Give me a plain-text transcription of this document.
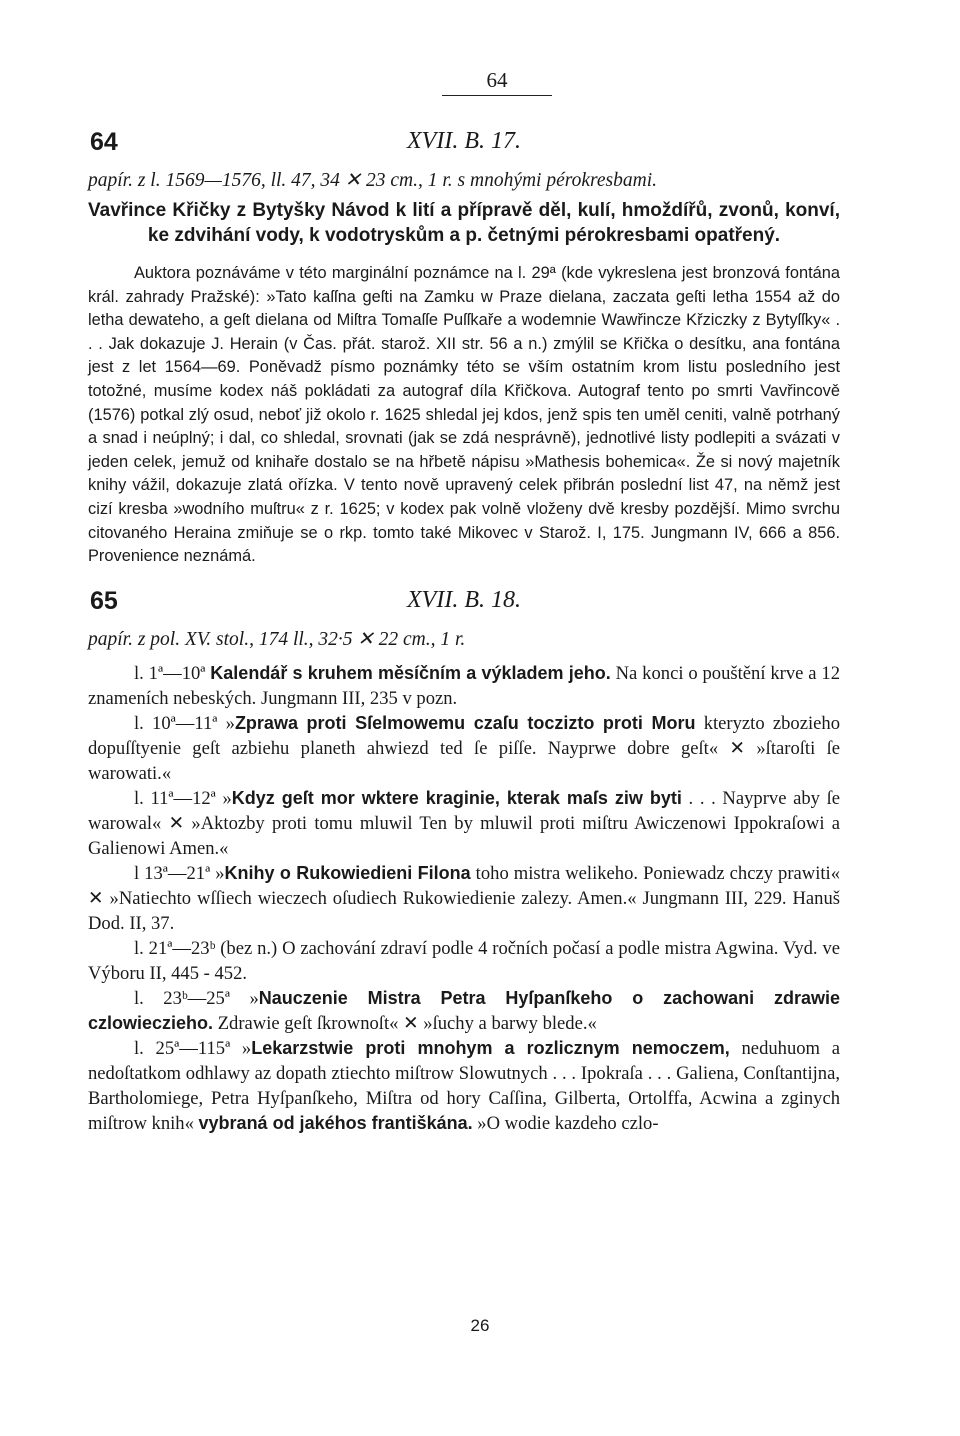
64
64	XVII. B. 17.

papír. z l. 1569—1576, ll. 47, 34 ✕ 23 cm., 1 r. s mnohými pérokresbami.

Vavřince Křičky z Bytyšky Návod k lití a přípravě děl, kulí, hmoždířů, zvonů, konví, ke zdvihání vody, k vodotryskům a p. četnými pérokresbami opatřený.

Auktora poznáváme v této marginální poznámce na l. 29ª (kde vykreslena jest bronzová fontána král. zahrady Pražské): »Tato kaſſna geſti na Zamku w Praze dielana, zaczata geſti letha 1554 až do letha dewateho, a geſt dielana od Miſtra Tomaſſe Puſſkaře a wodemnie Wawřincze Křziczky z Bytyſſky« . . . Jak dokazuje J. Herain (v Čas. přát. starož. XII str. 56 a n.) zmýlil se Křička o desítku, ana fontána jest z let 1564—69. Poněvadž písmo poznámky této se vším ostatním krom listu posledního jest totožné, musíme kodex náš pokládati za autograf díla Křičkova. Autograf tento po smrti Vavřincově (1576) potkal zlý osud, neboť již okolo r. 1625 shledal jej kdos, jenž spis ten uměl ceniti, valně potrhaný a snad i neúplný; i dal, co shledal, srovnati (jak se zdá nesprávně), jednotlivé listy podlepiti a svázati v jeden celek, jemuž od knihaře dostalo se na hřbetě nápisu »Mathesis bohemica«. Že si nový majetník knihy vážil, dokazuje zlatá ořízka. V tento nově upravený celek přibrán poslední list 47, na němž jest cizí kresba »wodního muſtru« z r. 1625; v kodex pak volně vloženy dvě kresby pozdější. Mimo svrchu citovaného Heraina zmiňuje se o rkp. tomto také Mikovec v Starož. I, 175. Jungmann IV, 666 a 856. Provenience neznámá.

65	XVII. B. 18.

papír. z pol. XV. stol., 174 ll., 32·5 ✕ 22 cm., 1 r.

l. 1ª—10ª Kalendář s kruhem měsíčním a výkladem jeho. Na konci o pouštění krve a 12 znameních nebeských. Jungmann III, 235 v pozn.

l. 10ª—11ª »Zprawa proti Sſelmowemu czaſu toczizto proti Moru kteryzto zbozieho dopuſſtyenie geſt azbiehu planeth ahwiezd ted ſe piſſe. Nayprwe dobre geſt« ✕ »ſtaroſti ſe warowati.«

l. 11ª—12ª »Kdyz geſt mor wktere kraginie, kterak maſs ziw byti . . . Nayprve aby ſe warowal« ✕ »Aktozby proti tomu mluwil Ten by mluwil proti miſtru Awiczenowi Ippokraſowi a Galienowi Amen.«

l 13ª—21ª »Knihy o Rukowiedieni Filona toho mistra welikeho. Poniewadz chczy prawiti« ✕ »Natiechto wſſiech wieczech oſudiech Rukowiedienie zalezy. Amen.« Jungmann III, 229. Hanuš Dod. II, 37.

l. 21ª—23ᵇ (bez n.) O zachování zdraví podle 4 ročních počasí a podle mistra Agwina. Vyd. ve Výboru II, 445 - 452.

l. 23ᵇ—25ª »Nauczenie Mistra Petra Hyſpanſkeho o zachowani zdrawie czlowieczieho. Zdrawie geſt ſkrownoſt« ✕ »ſuchy a barwy blede.«

l. 25ª—115ª »Lekarzstwie proti mnohym a rozlicznym nemoczem, neduhuom a nedoſtatkom odhlawy az dopath ztiechto miſtrow Slowutnych . . . Ipokraſa . . . Galiena, Conſtantijna, Bartholomiege, Petra Hyſpanſkeho, Miſtra od hory Caſſina, Gilberta, Ortolffa, Acwina a zginych miſtrow knih« vybraná od jakéhos františkána. »O wodie kazdeho czlo-

26
